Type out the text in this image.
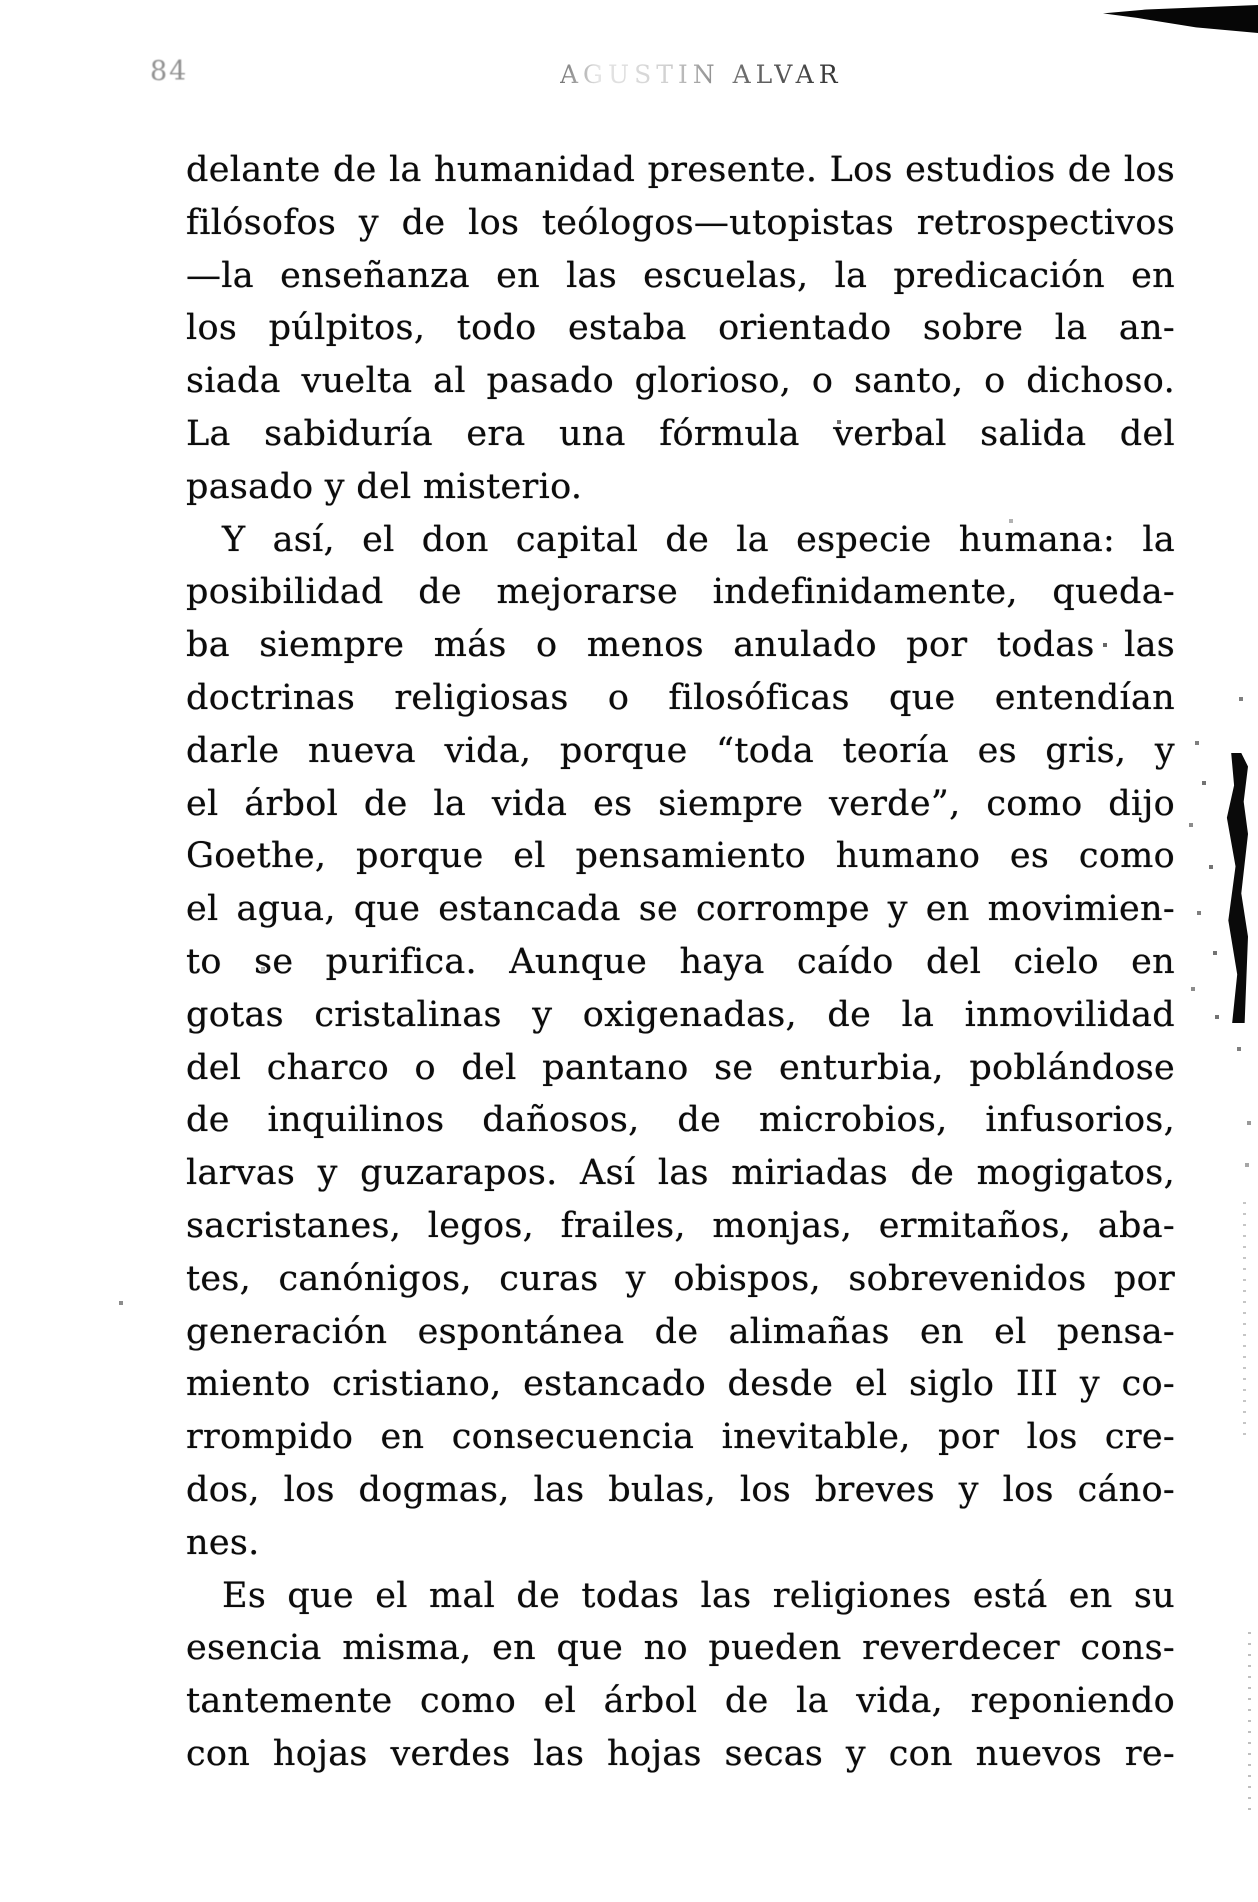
84	AGUSTIN ALVAREZ
delante de la humanidad presente. Los estudios de los
filósofos y de los teólogos—utopistas retrospectivos
—la enseñanza en las escuelas, la predicación en
los púlpitos, todo estaba orientado sobre la an-
siada vuelta al pasado glorioso, o santo, o dichoso.
La sabiduría era una fórmula verbal salida del
pasado y del misterio.
Y así, el don capital de la especie humana: la
posibilidad de mejorarse indefinidamente, queda-
ba siempre más o menos anulado por todas las
doctrinas religiosas o filosóficas que entendían
darle nueva vida, porque “toda teoría es gris, y
el árbol de la vida es siempre verde”, como dijo
Goethe, porque el pensamiento humano es como
el agua, que estancada se corrompe y en movimien-
to se purifica. Aunque haya caído del cielo en
gotas cristalinas y oxigenadas, de la inmovilidad
del charco o del pantano se enturbia, poblándose
de inquilinos dañosos, de microbios, infusorios,
larvas y guzarapos. Así las miriadas de mogigatos,
sacristanes, legos, frailes, monjas, ermitaños, aba-
tes, canónigos, curas y obispos, sobrevenidos por
generación espontánea de alimañas en el pensa-
miento cristiano, estancado desde el siglo III y co-
rrompido en consecuencia inevitable, por los cre-
dos, los dogmas, las bulas, los breves y los cáno-
nes.
Es que el mal de todas las religiones está en su
esencia misma, en que no pueden reverdecer cons-
tantemente como el árbol de la vida, reponiendo
con hojas verdes las hojas secas y con nuevos re-
